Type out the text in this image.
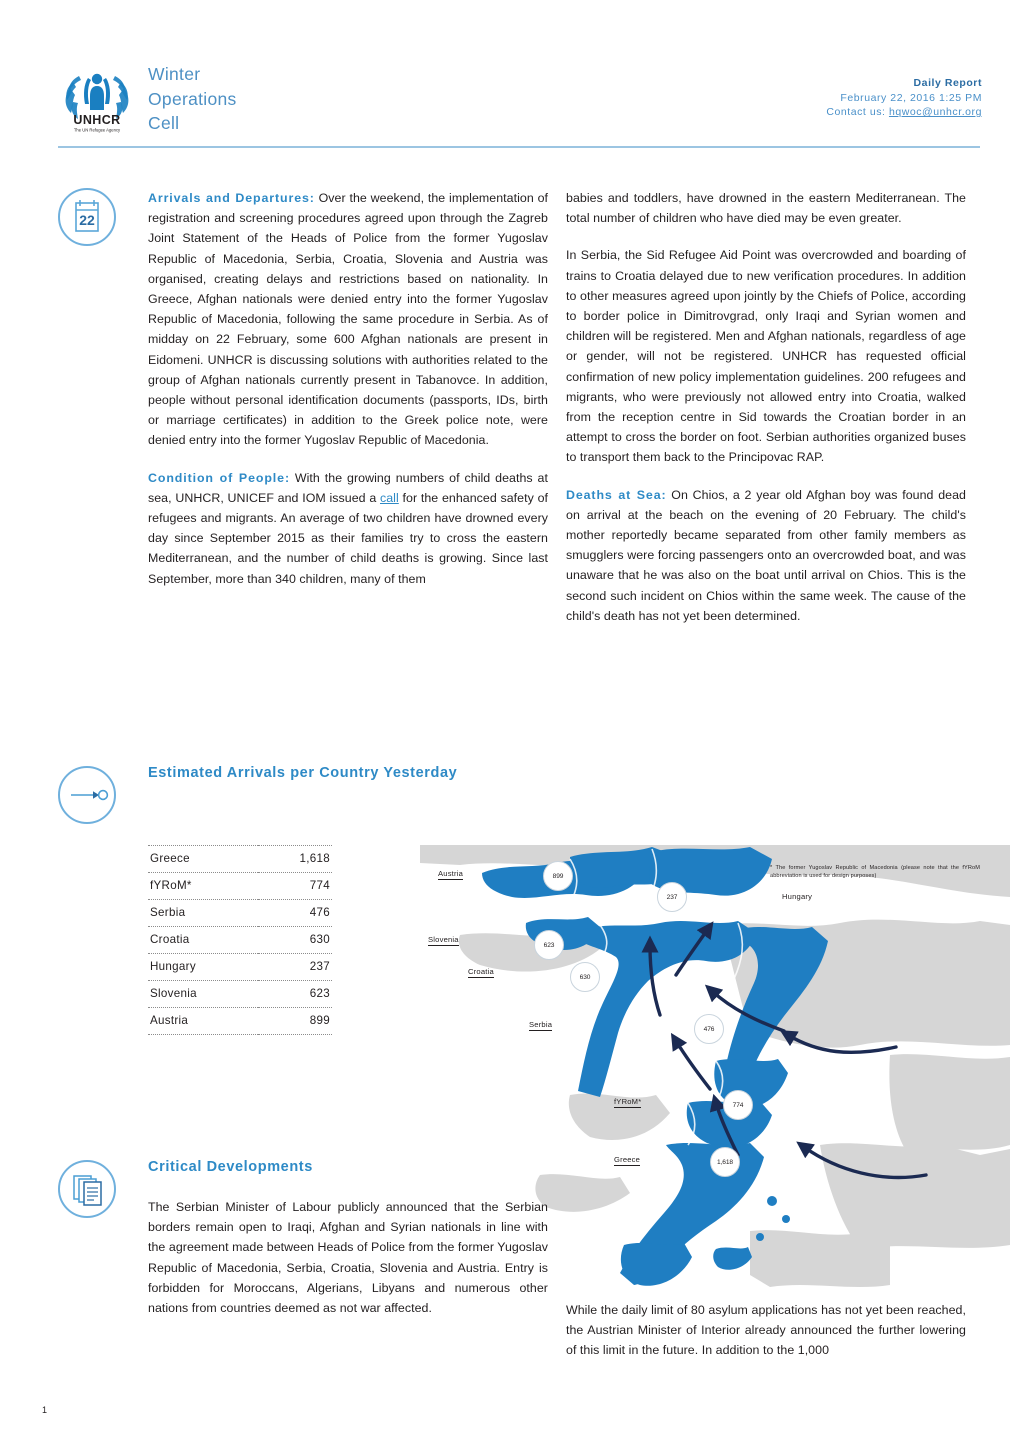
UNHCR
The UN Refugee Agency
Winter
Operations
Cell
Daily Report
February 22, 2016 1:25 PM
Contact us: hqwoc@unhcr.org
22

Arrivals and Departures: Over the weekend, the implementation of registration and screening procedures agreed upon through the Zagreb Joint Statement of the Heads of Police from the former Yugoslav Republic of Macedonia, Serbia, Croatia, Slovenia and Austria was organised, creating delays and restrictions based on nationality. In Greece, Afghan nationals were denied entry into the former Yugoslav Republic of Macedonia, following the same procedure in Serbia. As of midday on 22 February, some 600 Afghan nationals are present in Eidomeni. UNHCR is discussing solutions with authorities related to the group of Afghan nationals currently present in Tabanovce. In addition, people without personal identification documents (passports, IDs, birth or marriage certificates) in addition to the Greek police note, were denied entry into the former Yugoslav Republic of Macedonia.

Condition of People: With the growing numbers of child deaths at sea, UNHCR, UNICEF and IOM issued a call for the enhanced safety of refugees and migrants. An average of two children have drowned every day since September 2015 as their families try to cross the eastern Mediterranean, and the number of child deaths is growing. Since last September, more than 340 children, many of them

babies and toddlers, have drowned in the eastern Mediterranean. The total number of children who have died may be even greater.

In Serbia, the Sid Refugee Aid Point was overcrowded and boarding of trains to Croatia delayed due to new verification procedures. In addition to other measures agreed upon jointly by the Chiefs of Police, according to border police in Dimitrovgrad, only Iraqi and Syrian women and children will be registered. Men and Afghan nationals, regardless of age or gender, will not be registered. UNHCR has requested official confirmation of new policy implementation guidelines. 200 refugees and migrants, who were previously not allowed entry into Croatia, walked from the reception centre in Sid towards the Croatian border in an attempt to cross the border on foot. Serbian authorities organized buses to transport them back to the Principovac RAP.

Deaths at Sea: On Chios, a 2 year old Afghan boy was found dead on arrival at the beach on the evening of 20 February. The child's mother reportedly became separated from other family members as smugglers were forcing passengers onto an overcrowded boat, and was unaware that he was also on the boat until arrival on Chios. This is the second such incident on Chios within the same week. The cause of the child's death has not yet been determined.

Estimated Arrivals per Country Yesterday
Greece	1,618
fYRoM*	774
Serbia	476
Croatia	630
Hungary	237
Slovenia	623
Austria	899
Austria	899
Hungary
237
Slovenia
623
Croatia
630
Serbia	476
fYRoM*	774
Greece	1,618
* The former Yugoslav Republic of Macedonia (please note that the fYRoM abbreviation is used for design purposes)
Critical Developments

The Serbian Minister of Labour publicly announced that the Serbian borders remain open to Iraqi, Afghan and Syrian nationals in line with the agreement made between Heads of Police from the former Yugoslav Republic of Macedonia, Serbia, Croatia, Slovenia and Austria. Entry is forbidden for Moroccans, Algerians, Libyans and numerous other nations from countries deemed as not war affected.	While the daily limit of 80 asylum applications has not yet been reached, the Austrian Minister of Interior already announced the further lowering of this limit in the future. In addition to the 1,000

1
